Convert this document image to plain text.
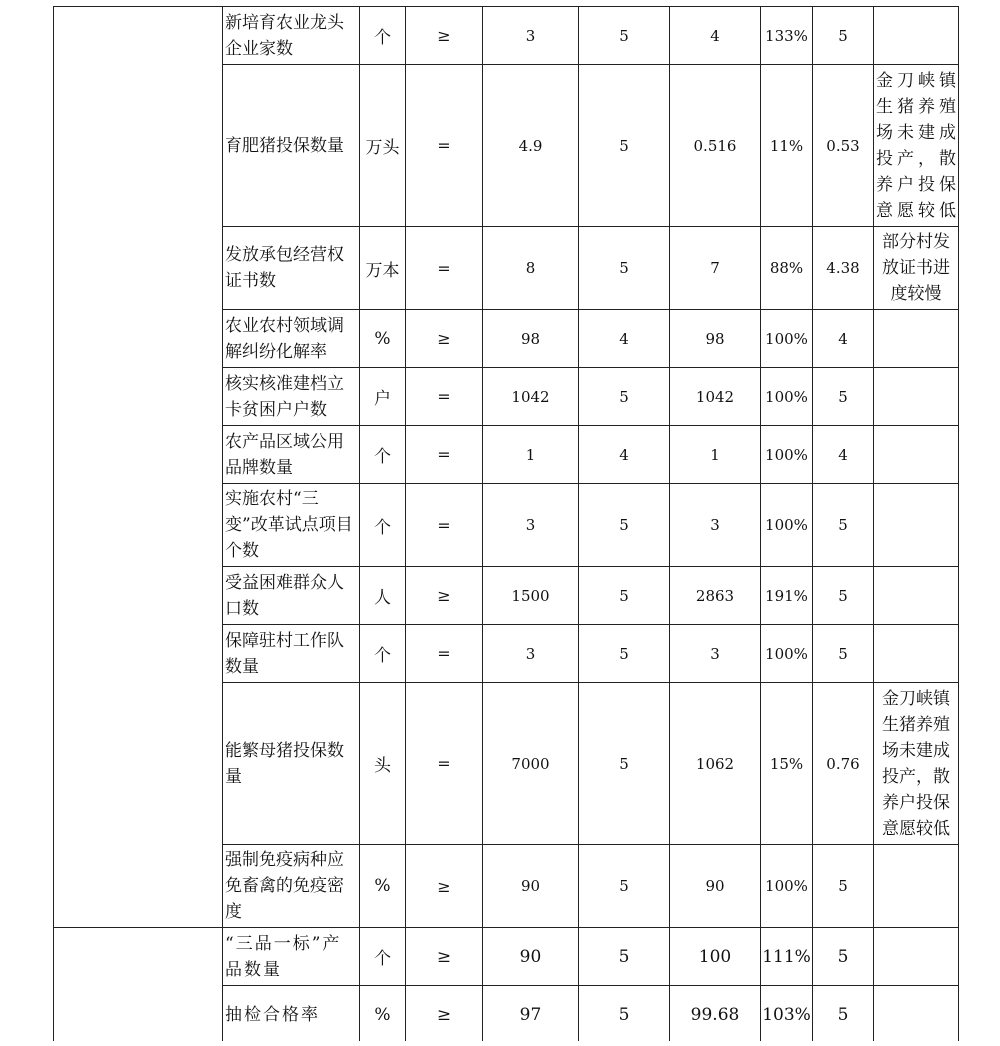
	新培育农业龙头企业家数	个	≥	3	5	4	133%	5	
	育肥猪投保数量	万头	=	4.9	5	0.516	11%	0.53	金刀峡镇生猪养殖场未建成投产，散养户投保意愿较低
	发放承包经营权证书数	万本	=	8	5	7	88%	4.38	部分村发放证书进度较慢
	农业农村领域调解纠纷化解率	%	≥	98	4	98	100%	4	
	核实核准建档立卡贫困户户数	户	=	1042	5	1042	100%	5	
	农产品区域公用品牌数量	个	=	1	4	1	100%	4	
	实施农村“三变”改革试点项目个数	个	=	3	5	3	100%	5	
	受益困难群众人口数	人	≥	1500	5	2863	191%	5	
	保障驻村工作队数量	个	=	3	5	3	100%	5	
	能繁母猪投保数量	头	=	7000	5	1062	15%	0.76	金刀峡镇生猪养殖场未建成投产，散养户投保意愿较低
	强制免疫病种应免畜禽的免疫密度	%	≥	90	5	90	100%	5	
	“三品一标”产品数量	个	≥	90	5	100	111%	5	
	抽检合格率	%	≥	97	5	99.68	103%	5	
